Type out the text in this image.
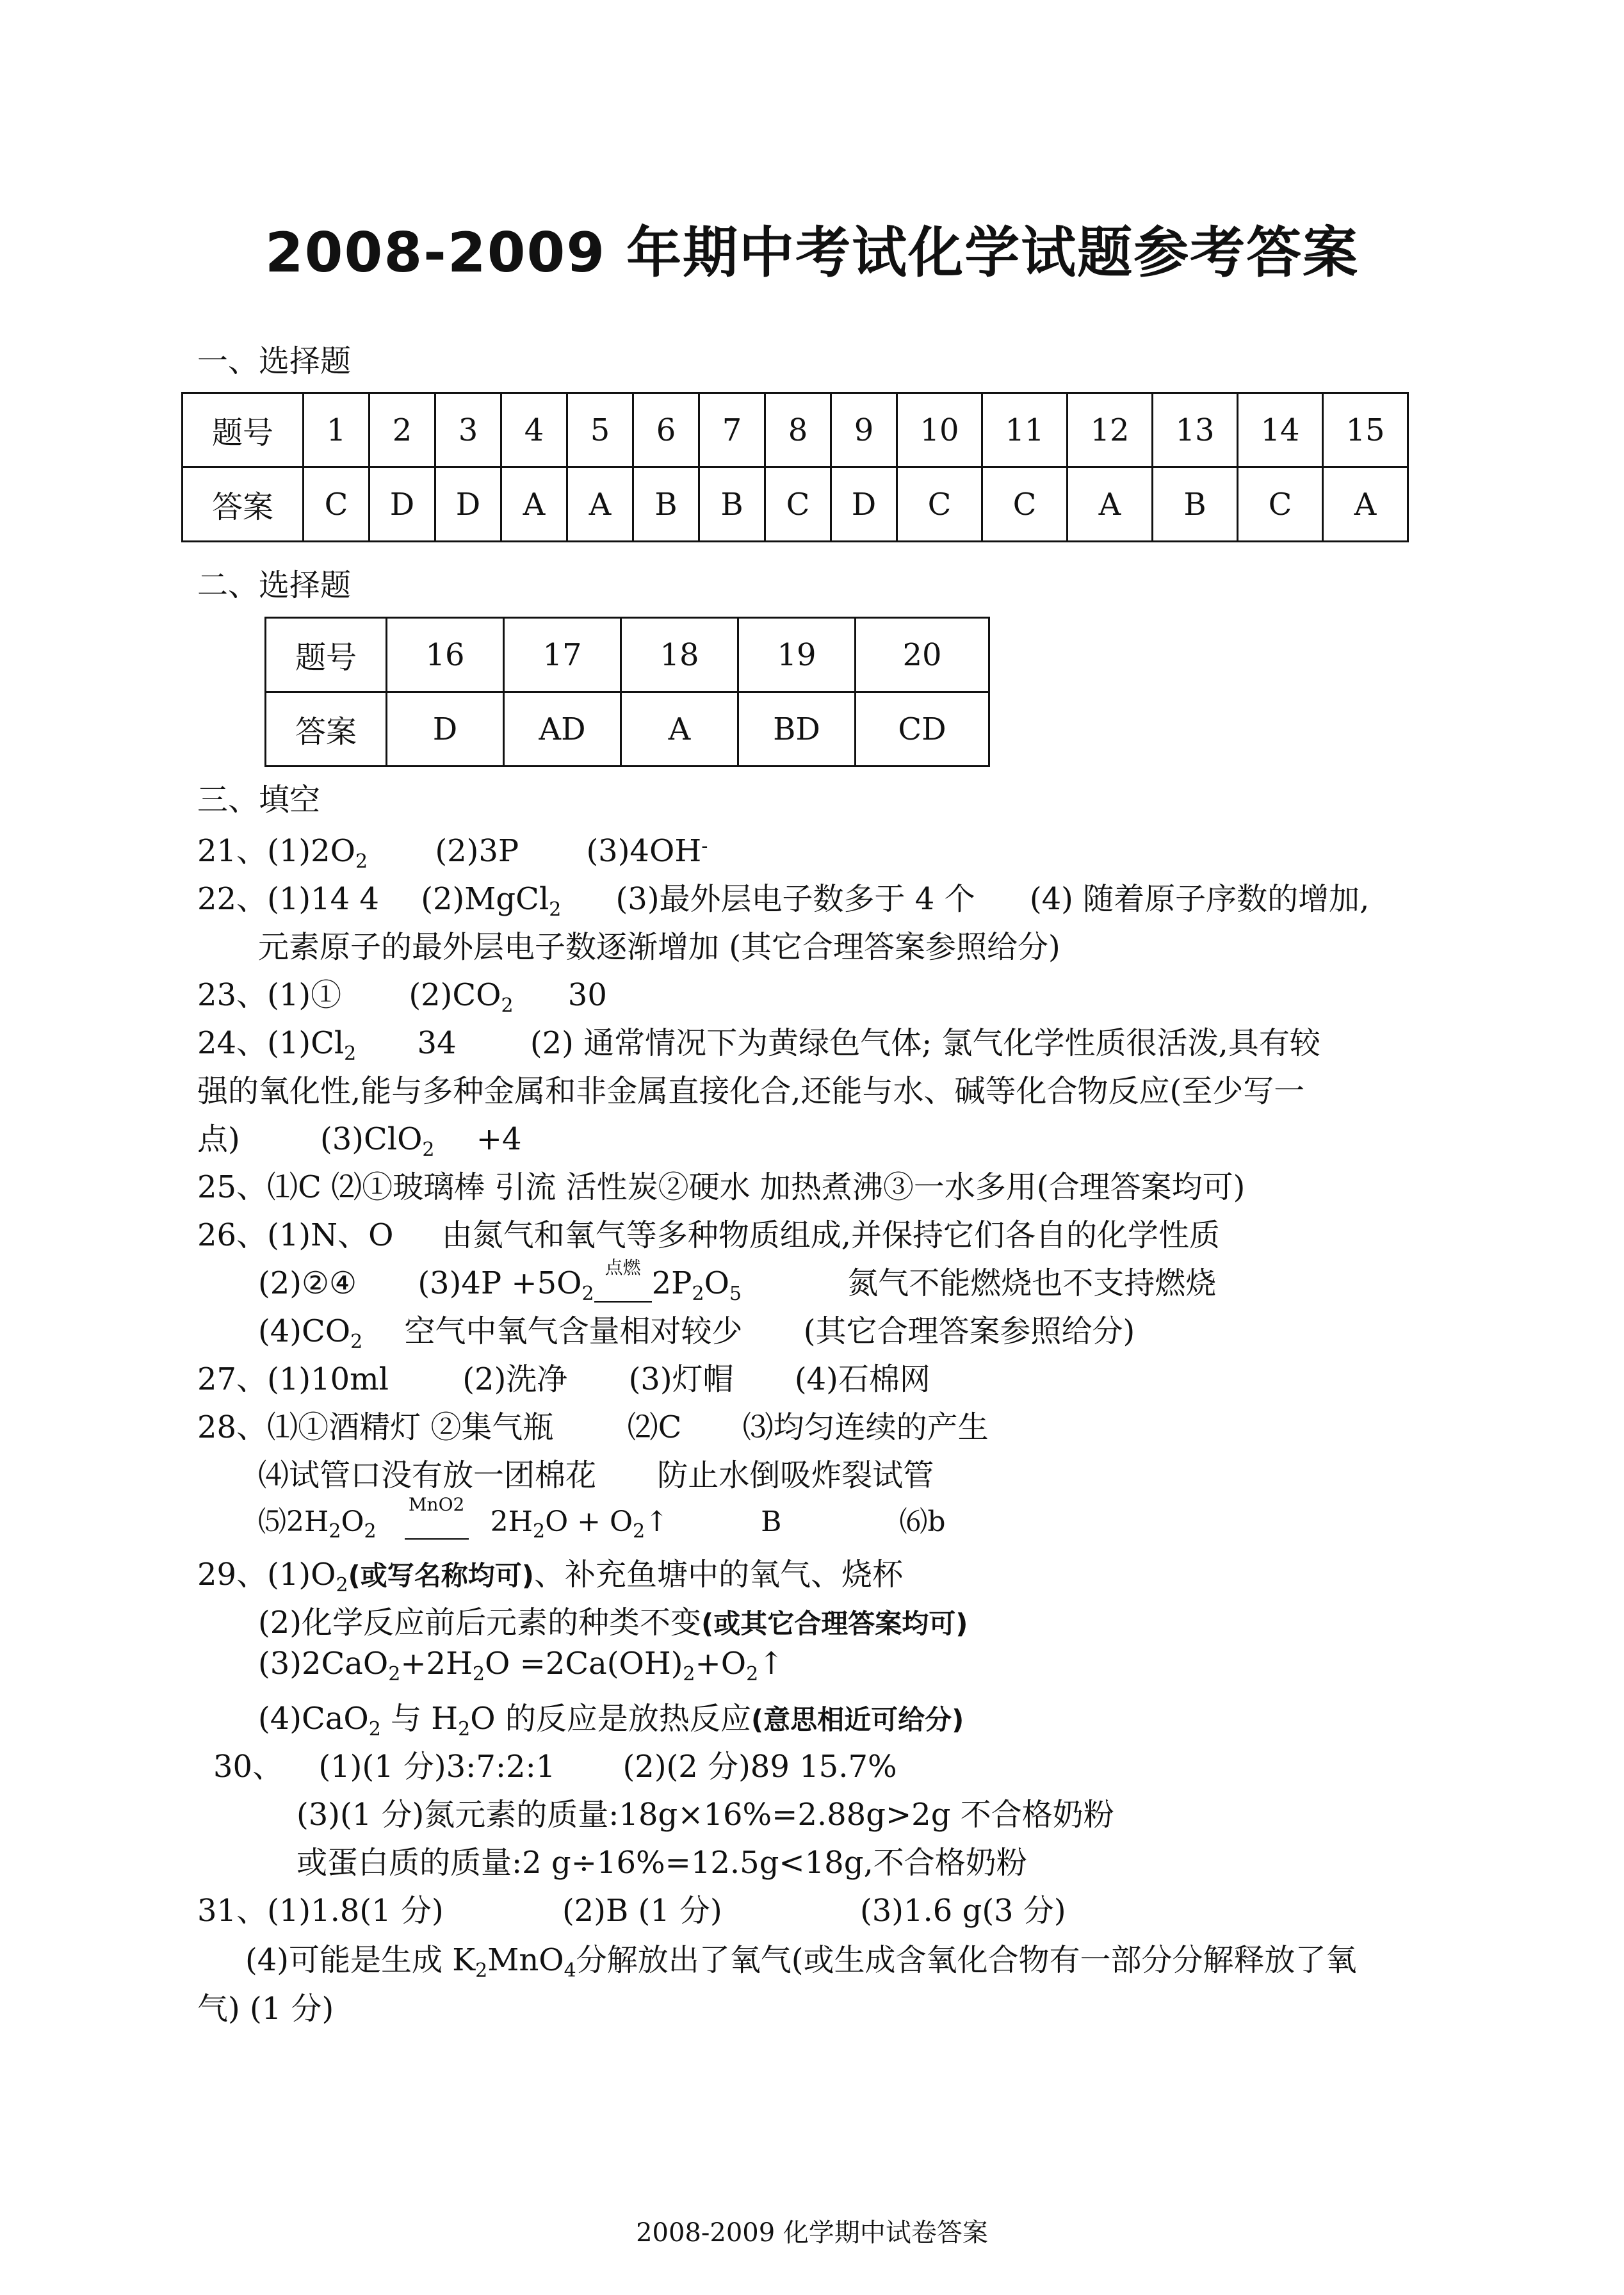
2008-2009 年期中考试化学试题参考答案
一、选择题
题号	1	2	3	4	5	6	7	8	9	10	11	12	13	14	15
答案	C	D	D	A	A	B	B	C	D	C	C	A	B	C	A
二、选择题
题号	16	17	18	19	20
答案	D	AD	A	BD	CD
三、填空
21、$(1)2O_2$ (2)3P (3)4OH-
22、(1)14 4 (2)MgCl$_2$ (3)最外层电子数多于 4 个 (4) 随着原子序数的增加,
元素原子的最外层电子数逐渐增加 (其它合理答案参照给分)
23、(1)① $(2)CO_2$ 30
24、$(1)Cl_2$ 34 (2) 通常情况下为黄绿色气体; 氯气化学性质很活泼,具有较
强的氧化性,能与多种金属和非金属直接化合,还能与水、碱等化合物反应(至少写一
点)	(3)ClO$_2$ +4
25、⑴C ⑵①玻璃棒 引流 活性炭②硬水 加热煮沸③一水多用(合理答案均可)
26、(1)N、O 由氮气和氧气等多种物质组成,并保持它们各自的化学性质
(2)②④ $(3)4P +5O_2$
点燃 $2P_2O_5$	氮气不能燃烧也不支持燃烧
$(4)CO_2$ 空气中氧气含量相对较少 (其它合理答案参照给分)
27、(1)10ml (2)洗净 (3)灯帽 (4)石棉网
28、⑴①酒精灯 ②集气瓶 ⑵C ⑶均匀连续的产生
⑷试管口没有放一团棉花 防止水倒吸炸裂试管
$⑸2H_2O_2$
MnO2
$2H_2O$ + $O_2↑$	B	⑹b
29、$(1)O_2$(或写名称均可)、补充鱼塘中的氧气、烧杯
(2)化学反应前后元素的种类不变(或其它合理答案均可)
$(3)2CaO_2+2H_2O$ $=2Ca(OH)_2+O_2↑$
(4)CaO$_2$ 与 $H_2O$ 的反应是放热反应(意思相近可给分)
30、 (1)(1 分)3:7:2:1 (2)(2 分)89 15.7%
(3)(1 分)氮元素的质量:18g×16%=2.88g>2g 不合格奶粉
或蛋白质的质量:2 g÷16%=12.5g<18g,不合格奶粉
31、(1)1.8(1 分)	(2)B (1 分)	(3)1.6 g(3 分)
(4)可能是生成 $K_2MnO_4$分解放出了氧气(或生成含氧化合物有一部分分解释放了氧
气) (1 分)
2008-2009 化学期中试卷答案
